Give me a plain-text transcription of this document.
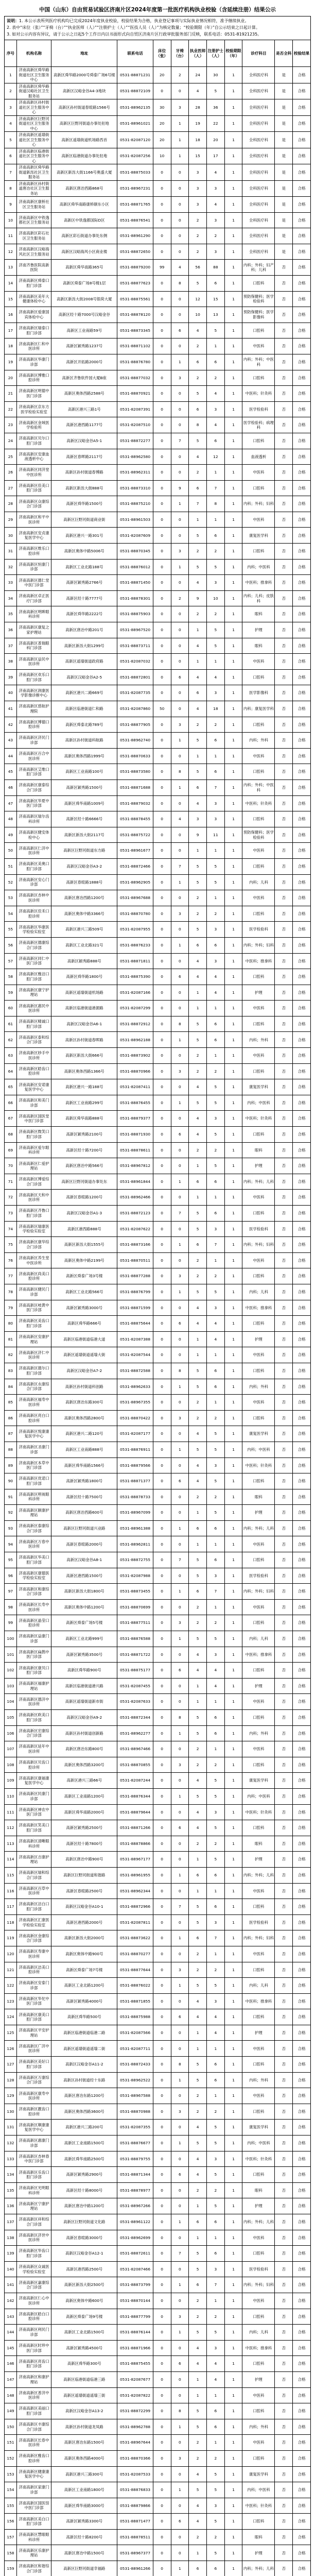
中国（山东）自由贸易试验区济南片区2024年度第一批医疗机构执业校验（含延续注册）结果公示

说明：1. 本公示表所列医疗机构均已完成2024年度执业校验，校验结果为合格，执业登记事项与实际执业情况相符，准予继续执业。

2. 表中“床位（张）”“牙椅（台）”“执业医师（人）”“注册护士（人）”“医技人员（人）”为核定数量；“校验期限（年）”自公示结束之日起计算。

3. 如对公示内容有异议，请于公示之日起5个工作日内以书面形式向自贸区济南片区行政审批服务部门反映，联系电话：0531-81921235。

序号	机构名称	地址	联系电话	床位（张）	牙椅（台）	执业医师（人）	注册护士（人）	校验期限（年）	诊疗科目	是否全科	校验结果
1	济南高新区舜华路街道社区卫生服务中心	高新区舜华路2000号舜泰广场6号楼	0531-88871231	20	2	24	30	1	全科医疗科	是	合格
2	济南高新区舜华路街道汉峪社区卫生服务站	高新区汉峪金谷A4-3地块	0531-88872109	0	0	4	5	1	全科医疗科	是	合格
3	济南高新区孙村街道社区卫生服务中心	高新区孙村街道春暄路1566号	0531-88962135	30	3	28	36	1	全科医疗科	是	合格
4	济南高新区巨野河街道社区卫生服务中心	高新区巨野河街道办事处驻地	0531-88961021	20	1	19	22	1	全科医疗科	是	合格
5	济南高新区遥墙街道社区卫生服务中心	高新区遥墙街道机场路西首	0531-82087120	20	1	18	20	1	全科医疗科	是	合格
6	济南高新区临港街道社区卫生服务中心	高新区临港街道办事处驻地	0531-82087256	10	1	15	17	1	全科医疗科	是	合格
7	济南高新区舜华路街道新泺社区卫生服务站	高新区新泺大街1166号奥盛大厦	0531-88875033	0	0	3	4	1	全科医疗科	是	合格
8	济南高新区孙村街道唐冶社区卫生服务站	高新区唐冶西路868号	0531-88967231	0	0	3	3	1	全科医疗科	是	合格
9	济南高新区康桥社区卫生服务站	高新区舜华南路康桥颐东小区	0531-88871765	0	0	3	4	1	全科医疗科	是	合格
10	济南高新区中铁逸都社区卫生服务站	高新区中铁逸都国际D区	0531-88876541	0	0	2	3	1	全科医疗科	是	合格
11	济南高新区彩石社区卫生服务站	高新区彩石街道办事处东侧	0531-88961290	0	0	2	2	1	全科医疗科	是	合格
12	济南高新区汉峪海风社区卫生服务站	高新区汉峪海风小区商业楼	0531-88872650	0	0	2	3	1	全科医疗科	是	合格
13	济南齐鲁医院高新医院	高新区舜华南路365号	0531-88879200	99	4	56	88	1	内科；外科；妇产科；儿科	否	合格
14	济南高新区舜泰口腔门诊部	高新区舜泰广场8号楼1层	0531-88877623	0	8	5	6	1	口腔科	否	合格
15	济南高新区美年大健康体检中心	高新区新泺大街2008号银荷大厦	0531-88875561	0	0	12	15	1	预防保健科；医学检验科	否	合格
16	济南高新区爱康国宾体检中心	高新区经十路7000号汉峪金谷	0531-88878120	0	0	10	13	1	预防保健科；医学影像科	否	合格
17	济南高新区瑞泰口腔门诊部	高新区工业南路59号	0531-88873345	0	6	4	5	1	口腔科	否	合格
18	济南高新区仁和中医诊所	高新区颖秀路1237号	0531-88871102	0	0	2	1	1	中医科	否	合格
19	济南高新区华康门诊部	高新区开拓路2000号	0531-88876780	0	1	6	6	1	内科；外科；中医科	否	合格
20	济南高新区博雅口腔诊所	高新区齐鲁软件园大厦B座	0531-88877032	0	3	2	2	1	口腔科	否	合格
21	济南高新区明德中医门诊部	高新区奥体西路2588号	0531-88870921	0	0	5	4	1	中医科；针灸科	否	合格
22	济南高新区京东方医学检验实验室	高新区港兴三路1号	0531-82087391	0	0	6	3	1	医学检验科	否	合格
23	济南高新区金域医学检验所	高新区港西路1177号	0531-82087510	0	0	8	4	1	医学检验科；病理科	否	合格
24	济南高新区贝尔口腔门诊部	高新区汉峪金谷A5-1	0531-88872277	0	7	5	6	1	口腔科	否	合格
25	济南高新区安康血液透析中心	高新区春晖路2117号	0531-88962580	0	0	4	12	1	血液透析	否	合格
26	济南高新区同济堂中医诊所	高新区孙村街道春博路	0531-88962311	0	0	2	1	1	中医科	否	合格
27	济南高新区佳美口腔门诊部	高新区新泺大街888号	0531-88873310	0	9	6	7	1	口腔科	否	合格
28	济南高新区众康综合门诊部	高新区舜华路1500号	0531-88875210	0	1	7	8	1	内科；外科；妇科	否	合格
29	济南高新区和平中医诊所	高新区巨野河街道商业街	0531-88961503	0	0	1	1	1	中医科	否	合格
30	济南高新区安贞康复医学中心	高新区港兴一路301号	0531-82087609	0	0	5	6	1	康复医学科	否	合格
31	济南高新区维乐口腔诊所	高新区奥体中路5006号	0531-88870345	0	3	2	2	1	口腔科	否	合格
32	济南高新区恒康门诊部	高新区工业北路188号	0531-88876012	0	1	5	5	1	内科；中医科	否	合格
33	济南高新区德仁堂中医门诊部	高新区颖秀路2766号	0531-88871450	0	0	4	3	1	中医科；推拿科	否	合格
34	济南高新区卓正医疗门诊部	高新区经十路7777号	0531-88878301	0	2	9	10	1	内科；儿科；皮肤科	否	合格
35	济南高新区明眸眼科诊所	高新区舜华路2222号	0531-88875903	0	0	2	2	1	眼科	否	合格
36	济南高新区康复之家护理站	高新区唐冶中路201号	0531-88967520	0	0	1	5	1	护理	否	合格
37	济南高新区普瑞眼科门诊部	高新区新泺大街1299号	0531-88873711	0	0	4	5	1	眼科	否	合格
38	济南高新区益民中医诊所	高新区遥墙街道政府路	0531-82087032	0	0	1	1	1	中医科	否	合格
39	济南高新区欢乐口腔门诊部	高新区汉峪金谷A2-5	0531-88872801	0	6	4	4	1	口腔科	否	合格
40	济南高新区润康医学影像诊断中心	高新区港兴二路669号	0531-82087735	0	0	6	3	1	医学影像科	否	合格
41	济南高新区慈航护理院	高新区临港街道仁和路	0531-82087860	50	0	4	18	1	内科；康复医学科	否	合格
42	济南高新区博德口腔诊所	高新区舜泰北路789号	0531-88877905	0	3	2	2	1	口腔科	否	合格
43	济南高新区济民门诊部	高新区孙村街道科航路	0531-88962740	0	1	5	6	1	内科；外科	否	合格
44	济南高新区百合中医诊所	高新区奥体西路1999号	0531-88870633	0	0	1	1	1	中医科	否	合格
45	济南高新区艾维口腔门诊部	高新区工业南路100号	0531-88873580	0	8	5	6	1	口腔科	否	合格
46	济南高新区康泰综合门诊部	高新区颖秀路1500号	0531-88871688	0	1	6	7	1	内科；外科；中医科	否	合格
47	济南高新区华夏中医门诊部	高新区舜华南路1009号	0531-88879032	0	0	4	3	1	中医科；针灸科	否	合格
48	济南高新区瑞尔齿科诊所	高新区经十路6666号	0531-88878455	0	4	3	3	1	口腔科	否	合格
49	济南高新区健安体检中心	高新区新泺大街2117号	0531-88875722	0	0	9	11	1	预防保健科；医学检验科	否	合格
50	济南高新区仁济中医诊所	高新区巨野河街道东方路	0531-88961677	0	0	1	1	1	中医科	否	合格
51	济南高新区美奥口腔门诊部	高新区汉峪金谷A3-2	0531-88872466	0	7	5	5	1	口腔科	否	合格
52	济南高新区安心门诊部	高新区春暄路1888号	0531-88962905	0	1	5	5	1	内科；儿科	否	合格
53	济南高新区杏林中医诊所	高新区唐冶西路1200号	0531-88967688	0	0	2	1	1	中医科	否	合格
54	济南高新区佳禾口腔诊所	高新区奥体中路3366号	0531-88870780	0	3	2	2	1	口腔科	否	合格
55	济南高新区华康医学检验实验室	高新区港兴三路509号	0531-82087955	0	0	5	3	1	医学检验科	否	合格
56	济南高新区德康综合门诊部	高新区工业北路321号	0531-88876233	0	1	6	6	1	内科；外科；妇科	否	合格
57	济南高新区同仁中医门诊部	高新区颖秀路888号	0531-88871811	0	0	4	3	1	中医科；推拿科	否	合格
58	济南高新区雅洁口腔门诊部	高新区舜华路1800号	0531-88875390	0	6	4	4	1	口腔科	否	合格
59	济南高新区康宁护理站	高新区遥墙街道机场路	0531-82087166	0	0	1	4	1	护理	否	合格
60	济南高新区惠民中医诊所	高新区临港街道港源路	0531-82087299	0	0	1	1	1	中医科	否	合格
61	济南高新区精诚口腔门诊部	高新区汉峪金谷A6-1	0531-88872912	0	8	5	6	1	口腔科	否	合格
62	济南高新区泰和综合门诊部	高新区孙村街道春晖路	0531-88962188	0	1	5	6	1	内科；外科	否	合格
63	济南高新区妙手中医诊所	高新区新泺大街666号	0531-88873902	0	0	2	1	1	中医科	否	合格
64	济南高新区皓齿口腔诊所	高新区奥体西路1366号	0531-88870966	0	3	2	2	1	口腔科	否	合格
65	济南高新区安诺康复医学中心	高新区港兴一路188号	0531-82087411	0	0	4	5	1	康复医学科	否	合格
66	济南高新区和美门诊部	高新区工业南路299号	0531-88876455	0	1	5	5	1	内科；中医科	否	合格
67	济南高新区国医堂中医门诊部	高新区舜华南路888号	0531-88879377	0	0	4	3	1	中医科；针灸科	否	合格
68	济南高新区微笑口腔门诊部	高新区颖秀路2100号	0531-88871930	0	6	4	5	1	口腔科	否	合格
69	济南高新区爱尔眼科诊所	高新区经十路7200号	0531-88878611	0	0	2	2	1	眼科	否	合格
70	济南高新区仁爱护理站	高新区唐冶中路566号	0531-88967812	0	0	1	5	1	护理	否	合格
71	济南高新区博爱综合门诊部	高新区巨野河街道办事处东	0531-88961844	0	1	6	6	1	内科；外科；儿科	否	合格
72	济南高新区天和中医诊所	高新区春暄路1200号	0531-88962466	0	0	1	1	1	中医科	否	合格
73	济南高新区齐鲁口腔门诊部	高新区汉峪金谷A1-3	0531-88872123	0	7	5	6	1	口腔科	否	合格
74	济南高新区瑞康医学检验实验室	高新区港西路888号	0531-82087622	0	0	5	3	1	医学检验科	否	合格
75	济南高新区康华综合门诊部	高新区新泺大街1555号	0531-88873166	0	1	6	7	1	内科；外科；妇科	否	合格
76	济南高新区养生堂中医诊所	高新区奥体中路2199号	0531-88870511	0	0	2	1	1	中医科	否	合格
77	济南高新区尚美口腔诊所	高新区舜泰广场3号楼	0531-88877288	0	3	2	2	1	口腔科	否	合格
78	济南高新区健民门诊部	高新区工业北路566号	0531-88876799	0	1	5	5	1	内科；儿科	否	合格
79	济南高新区岐黄中医门诊部	高新区颖秀路3000号	0531-88871599	0	0	4	3	1	中医科；推拿科	否	合格
80	济南高新区美齿口腔门诊部	高新区舜华路666号	0531-88875644	0	6	4	4	1	口腔科	否	合格
81	济南高新区安康护理站	高新区临港街道临港大道	0531-82087388	0	0	1	4	1	护理	否	合格
82	济南高新区济仁中医诊所	高新区遥墙街道遥墙大街	0531-82087544	0	0	1	1	1	中医科	否	合格
83	济南高新区德尔口腔门诊部	高新区汉峪金谷A7-2	0531-88872588	0	8	5	6	1	口腔科	否	合格
84	济南高新区永康综合门诊部	高新区孙村街道科创路	0531-88962633	0	1	5	6	1	内科；外科	否	合格
85	济南高新区福寿中医诊所	高新区唐冶东路300号	0531-88967355	0	0	2	1	1	中医科	否	合格
86	济南高新区亮白口腔诊所	高新区奥体西路2800号	0531-88870422	0	3	2	2	1	口腔科	否	合格
87	济南高新区悦康康复医学中心	高新区港兴二路120号	0531-82087177	0	0	4	5	1	康复医学科	否	合格
88	济南高新区圣康门诊部	高新区工业南路888号	0531-88876911	0	1	5	5	1	内科；中医科	否	合格
89	济南高新区本草中医门诊部	高新区舜华南路1566号	0531-88879566	0	0	4	3	1	中医科；针灸科	否	合格
90	济南高新区优诺口腔门诊部	高新区颖秀路1800号	0531-88871377	0	6	4	5	1	口腔科	否	合格
91	济南高新区明视眼科诊所	高新区经十路7500号	0531-88878733	0	0	2	2	1	眼科	否	合格
92	济南高新区颐康护理站	高新区唐冶西路600号	0531-88967099	0	0	1	5	1	护理	否	合格
93	济南高新区泰康综合门诊部	高新区巨野河街道兴业路	0531-88961388	0	1	6	6	1	内科；外科；儿科	否	合格
94	济南高新区万春中医诊所	高新区春暄路2000号	0531-88962811	0	0	1	1	1	中医科	否	合格
95	济南高新区华美口腔门诊部	高新区汉峪金谷A8-1	0531-88872755	0	7	5	6	1	口腔科	否	合格
96	济南高新区康德医学检验实验室	高新区港西路1500号	0531-82087988	0	0	5	3	1	医学检验科	否	合格
97	济南高新区和康综合门诊部	高新区新泺大街1800号	0531-88873455	0	1	6	7	1	内科；外科；妇科	否	合格
98	济南高新区长寿中医诊所	高新区奥体中路1200号	0531-88870699	0	0	2	1	1	中医科	否	合格
99	济南高新区晶莹口腔诊所	高新区舜泰广场5号楼	0531-88877511	0	3	2	2	1	口腔科	否	合格
100	济南高新区益康门诊部	高新区工业北路999号	0531-88876588	0	1	5	5	1	内科；儿科	否	合格
101	济南高新区扁鹊中医门诊部	高新区颖秀路3500号	0531-88871722	0	0	4	3	1	中医科；推拿科	否	合格
102	济南高新区康贝口腔门诊部	高新区舜华路900号	0531-88875177	0	6	4	4	1	口腔科	否	合格
103	济南高新区福康护理站	高新区临港街道港兴路	0531-82087455	0	0	1	4	1	护理	否	合格
104	济南高新区德济中医诊所	高新区遥墙街道新市街	0531-82087633	0	0	1	1	1	中医科	否	合格
105	济南高新区欧美口腔门诊部	高新区汉峪金谷A9-2	0531-88872344	0	8	5	6	1	口腔科	否	合格
106	济南高新区宏康综合门诊部	高新区孙村街道创新路	0531-88962277	0	1	5	6	1	内科；外科	否	合格
107	济南高新区延年中医诊所	高新区唐冶东路800号	0531-88967466	0	0	2	1	1	中医科	否	合格
108	济南高新区贝齿口腔诊所	高新区奥体西路3200号	0531-88870855	0	3	2	2	1	口腔科	否	合格
109	济南高新区康福康复医学中心	高新区港兴三路66号	0531-82087244	0	0	4	5	1	康复医学科	否	合格
110	济南高新区民康门诊部	高新区工业南路1200号	0531-88876344	0	1	5	5	1	内科；中医科	否	合格
111	济南高新区神农中医门诊部	高新区舜华南路2000号	0531-88879644	0	0	4	3	1	中医科；针灸科	否	合格
112	济南高新区笑美口腔门诊部	高新区颖秀路2500号	0531-88871266	0	6	4	5	1	口腔科	否	合格
113	济南高新区清晰眼科诊所	高新区经十路7800号	0531-88878866	0	0	2	2	1	眼科	否	合格
114	济南高新区吉康护理站	高新区唐冶中路900号	0531-88967177	0	0	1	5	1	护理	否	合格
115	济南高新区瑞和综合门诊部	高新区巨野河街道和谐路	0531-88961955	0	1	6	6	1	内科；外科；儿科	否	合格
116	济南高新区百草中医诊所	高新区春暄路2500号	0531-88962344	0	0	1	1	1	中医科	否	合格
117	济南高新区洁白口腔门诊部	高新区汉峪金谷A10-1	0531-88872966	0	7	5	6	1	口腔科	否	合格
118	济南高新区汇康医学检验实验室	高新区港西路2000号	0531-82087811	0	0	5	3	1	医学检验科	否	合格
119	济南高新区金康综合门诊部	高新区新泺大街2000号	0531-88873622	0	1	6	7	1	内科；外科；妇科	否	合格
120	济南高新区寿康中医诊所	高新区奥体中路900号	0531-88870277	0	0	2	1	1	中医科	否	合格
121	济南高新区洁美口腔诊所	高新区舜泰广场7号楼	0531-88877644	0	3	2	2	1	口腔科	否	合格
122	济南高新区安泰门诊部	高新区工业北路1200号	0531-88876022	0	1	5	5	1	内科；儿科	否	合格
123	济南高新区华佗中医门诊部	高新区颖秀路4000号	0531-88871855	0	0	4	3	1	中医科；推拿科	否	合格
124	济南高新区康美口腔门诊部	高新区舜华路500号	0531-88875988	0	6	4	4	1	口腔科	否	合格
125	济南高新区平安护理站	高新区临港街道临港二路	0531-82087566	0	0	1	4	1	护理	否	合格
126	济南高新区广济中医诊所	高新区遥墙街道遥墙二街	0531-82087711	0	0	1	1	1	中医科	否	合格
127	济南高新区美好口腔门诊部	高新区汉峪金谷A11-2	0531-88872433	0	8	5	6	1	口腔科	否	合格
128	济南高新区万康综合门诊部	高新区孙村街道经十东路	0531-88962522	0	1	5	6	1	内科；外科	否	合格
129	济南高新区康寿中医诊所	高新区唐冶东路1200号	0531-88967588	0	0	2	1	1	中医科	否	合格
130	济南高新区靓齿口腔诊所	高新区奥体西路3600号	0531-88870988	0	3	2	2	1	口腔科	否	合格
131	济南高新区顺康康复医学中心	高新区港兴三路200号	0531-82087355	0	0	4	5	1	康复医学科	否	合格
132	济南高新区惠康门诊部	高新区工业南路1500号	0531-88876677	0	1	5	5	1	内科；中医科	否	合格
133	济南高新区杏林春中医门诊部	高新区舜华南路2500号	0531-88879755	0	0	4	3	1	中医科；针灸科	否	合格
134	济南高新区乐齿口腔门诊部	高新区颖秀路2900号	0531-88871344	0	6	4	5	1	口腔科	否	合格
135	济南高新区光明眼科诊所	高新区经十路8000号	0531-88878977	0	0	2	2	1	眼科	否	合格
136	济南高新区宁康护理站	高新区唐冶中路1200号	0531-88967266	0	0	1	5	1	护理	否	合格
137	济南高新区祥和综合门诊部	高新区巨野河街道文化路	0531-88961122	0	1	6	6	1	内科；外科；儿科	否	合格
138	济南高新区济世中医诊所	高新区春暄路3000号	0531-88962699	0	0	1	1	1	中医科	否	合格
139	济南高新区华齿口腔门诊部	高新区汉峪金谷A12-1	0531-88872611	0	7	5	6	1	口腔科	否	合格
140	济南高新区众诚医学检验实验室	高新区港西路2500号	0531-82087466	0	0	5	3	1	医学检验科	否	合格
141	济南高新区嘉康综合门诊部	高新区新泺大街2500号	0531-88873799	0	1	6	7	1	内科；外科；妇科	否	合格
142	济南高新区仁心中医诊所	高新区奥体中路600号	0531-88870144	0	0	2	1	1	中医科	否	合格
143	济南高新区皓白口腔诊所	高新区舜泰广场9号楼	0531-88877799	0	3	2	2	1	口腔科	否	合格
144	济南高新区利民门诊部	高新区工业北路1500号	0531-88876144	0	1	5	5	1	内科；儿科	否	合格
145	济南高新区时珍中医门诊部	高新区颖秀路4500号	0531-88871966	0	0	4	3	1	中医科；推拿科	否	合格
146	济南高新区亮齿口腔门诊部	高新区舜华路300号	0531-88875455	0	6	4	4	1	口腔科	否	合格
147	济南高新区和康护理站	高新区临港街道临港三路	0531-82087677	0	0	1	4	1	护理	否	合格
148	济南高新区普济中医诊所	高新区遥墙街道遥墙三街	0531-82087822	0	0	1	1	1	中医科	否	合格
149	济南高新区美丽口腔门诊部	高新区汉峪金谷A13-2	0531-88872299	0	8	5	6	1	口腔科	否	合格
150	济南高新区丰康综合门诊部	高新区孙村街道龙凤路	0531-88962788	0	1	5	6	1	内科；外科	否	合格
151	济南高新区长春中医诊所	高新区唐冶东路1500号	0531-88967644	0	0	2	1	1	中医科	否	合格
152	济南高新区雅齿口腔诊所	高新区奥体西路4000号	0531-88870366	0	3	2	2	1	口腔科	否	合格
153	济南高新区健康康复医学中心	高新区港兴三路300号	0531-82087533	0	0	4	5	1	康复医学科	否	合格
154	济南高新区家康门诊部	高新区工业南路1800号	0531-88876833	0	1	5	5	1	内科；中医科	否	合格
155	济南高新区国医馆中医门诊部	高新区舜华南路3000号	0531-88879866	0	0	4	3	1	中医科；针灸科	否	合格
156	济南高新区美白口腔门诊部	高新区颖秀路3300号	0531-88871477	0	6	4	5	1	口腔科	否	合格
157	济南高新区慧眼眼科诊所	高新区经十路8200号	0531-88878511	0	0	2	2	1	眼科	否	合格
158	济南高新区乐康护理站	高新区唐冶中路1500号	0531-88967377	0	0	1	5	1	护理	否	合格
159	济南高新区和谐综合门诊部	高新区巨野河街道幸福路	0531-88961266	0	1	6	6	1	内科；外科；儿科	否	合格
